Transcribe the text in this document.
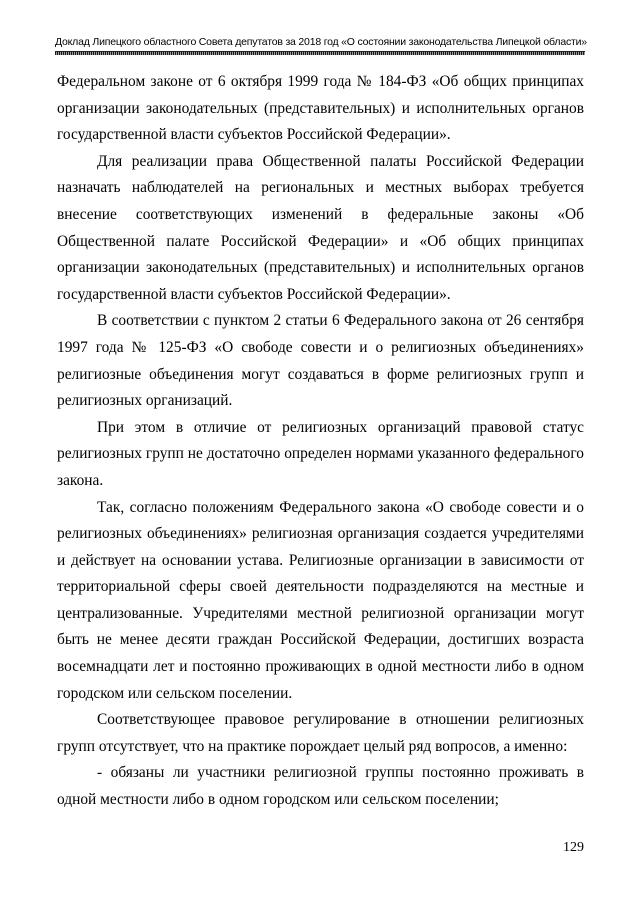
Доклад Липецкого областного Совета депутатов за 2018 год «О состоянии законодательства Липецкой области»

Федеральном законе от 6 октября 1999 года № 184-ФЗ «Об общих принципах организации законодательных (представительных) и исполнительных органов государственной власти субъектов Российской Федерации».

Для реализации права Общественной палаты Российской Федерации назначать наблюдателей на региональных и местных выборах требуется внесение соответствующих изменений в федеральные законы «Об Общественной палате Российской Федерации» и «Об общих принципах организации законодательных (представительных) и исполнительных органов государственной власти субъектов Российской Федерации».

В соответствии с пунктом 2 статьи 6 Федерального закона от 26 сентября 1997 года № 125-ФЗ «О свободе совести и о религиозных объединениях» религиозные объединения могут создаваться в форме религиозных групп и религиозных организаций.

При этом в отличие от религиозных организаций правовой статус религиозных групп не достаточно определен нормами указанного федерального закона.

Так, согласно положениям Федерального закона «О свободе совести и о религиозных объединениях» религиозная организация создается учредителями и действует на основании устава. Религиозные организации в зависимости от территориальной сферы своей деятельности подразделяются на местные и централизованные. Учредителями местной религиозной организации могут быть не менее десяти граждан Российской Федерации, достигших возраста восемнадцати лет и постоянно проживающих в одной местности либо в одном городском или сельском поселении.

Соответствующее правовое регулирование в отношении религиозных групп отсутствует, что на практике порождает целый ряд вопросов, а именно:

- обязаны ли участники религиозной группы постоянно проживать в одной местности либо в одном городском или сельском поселении;

129
